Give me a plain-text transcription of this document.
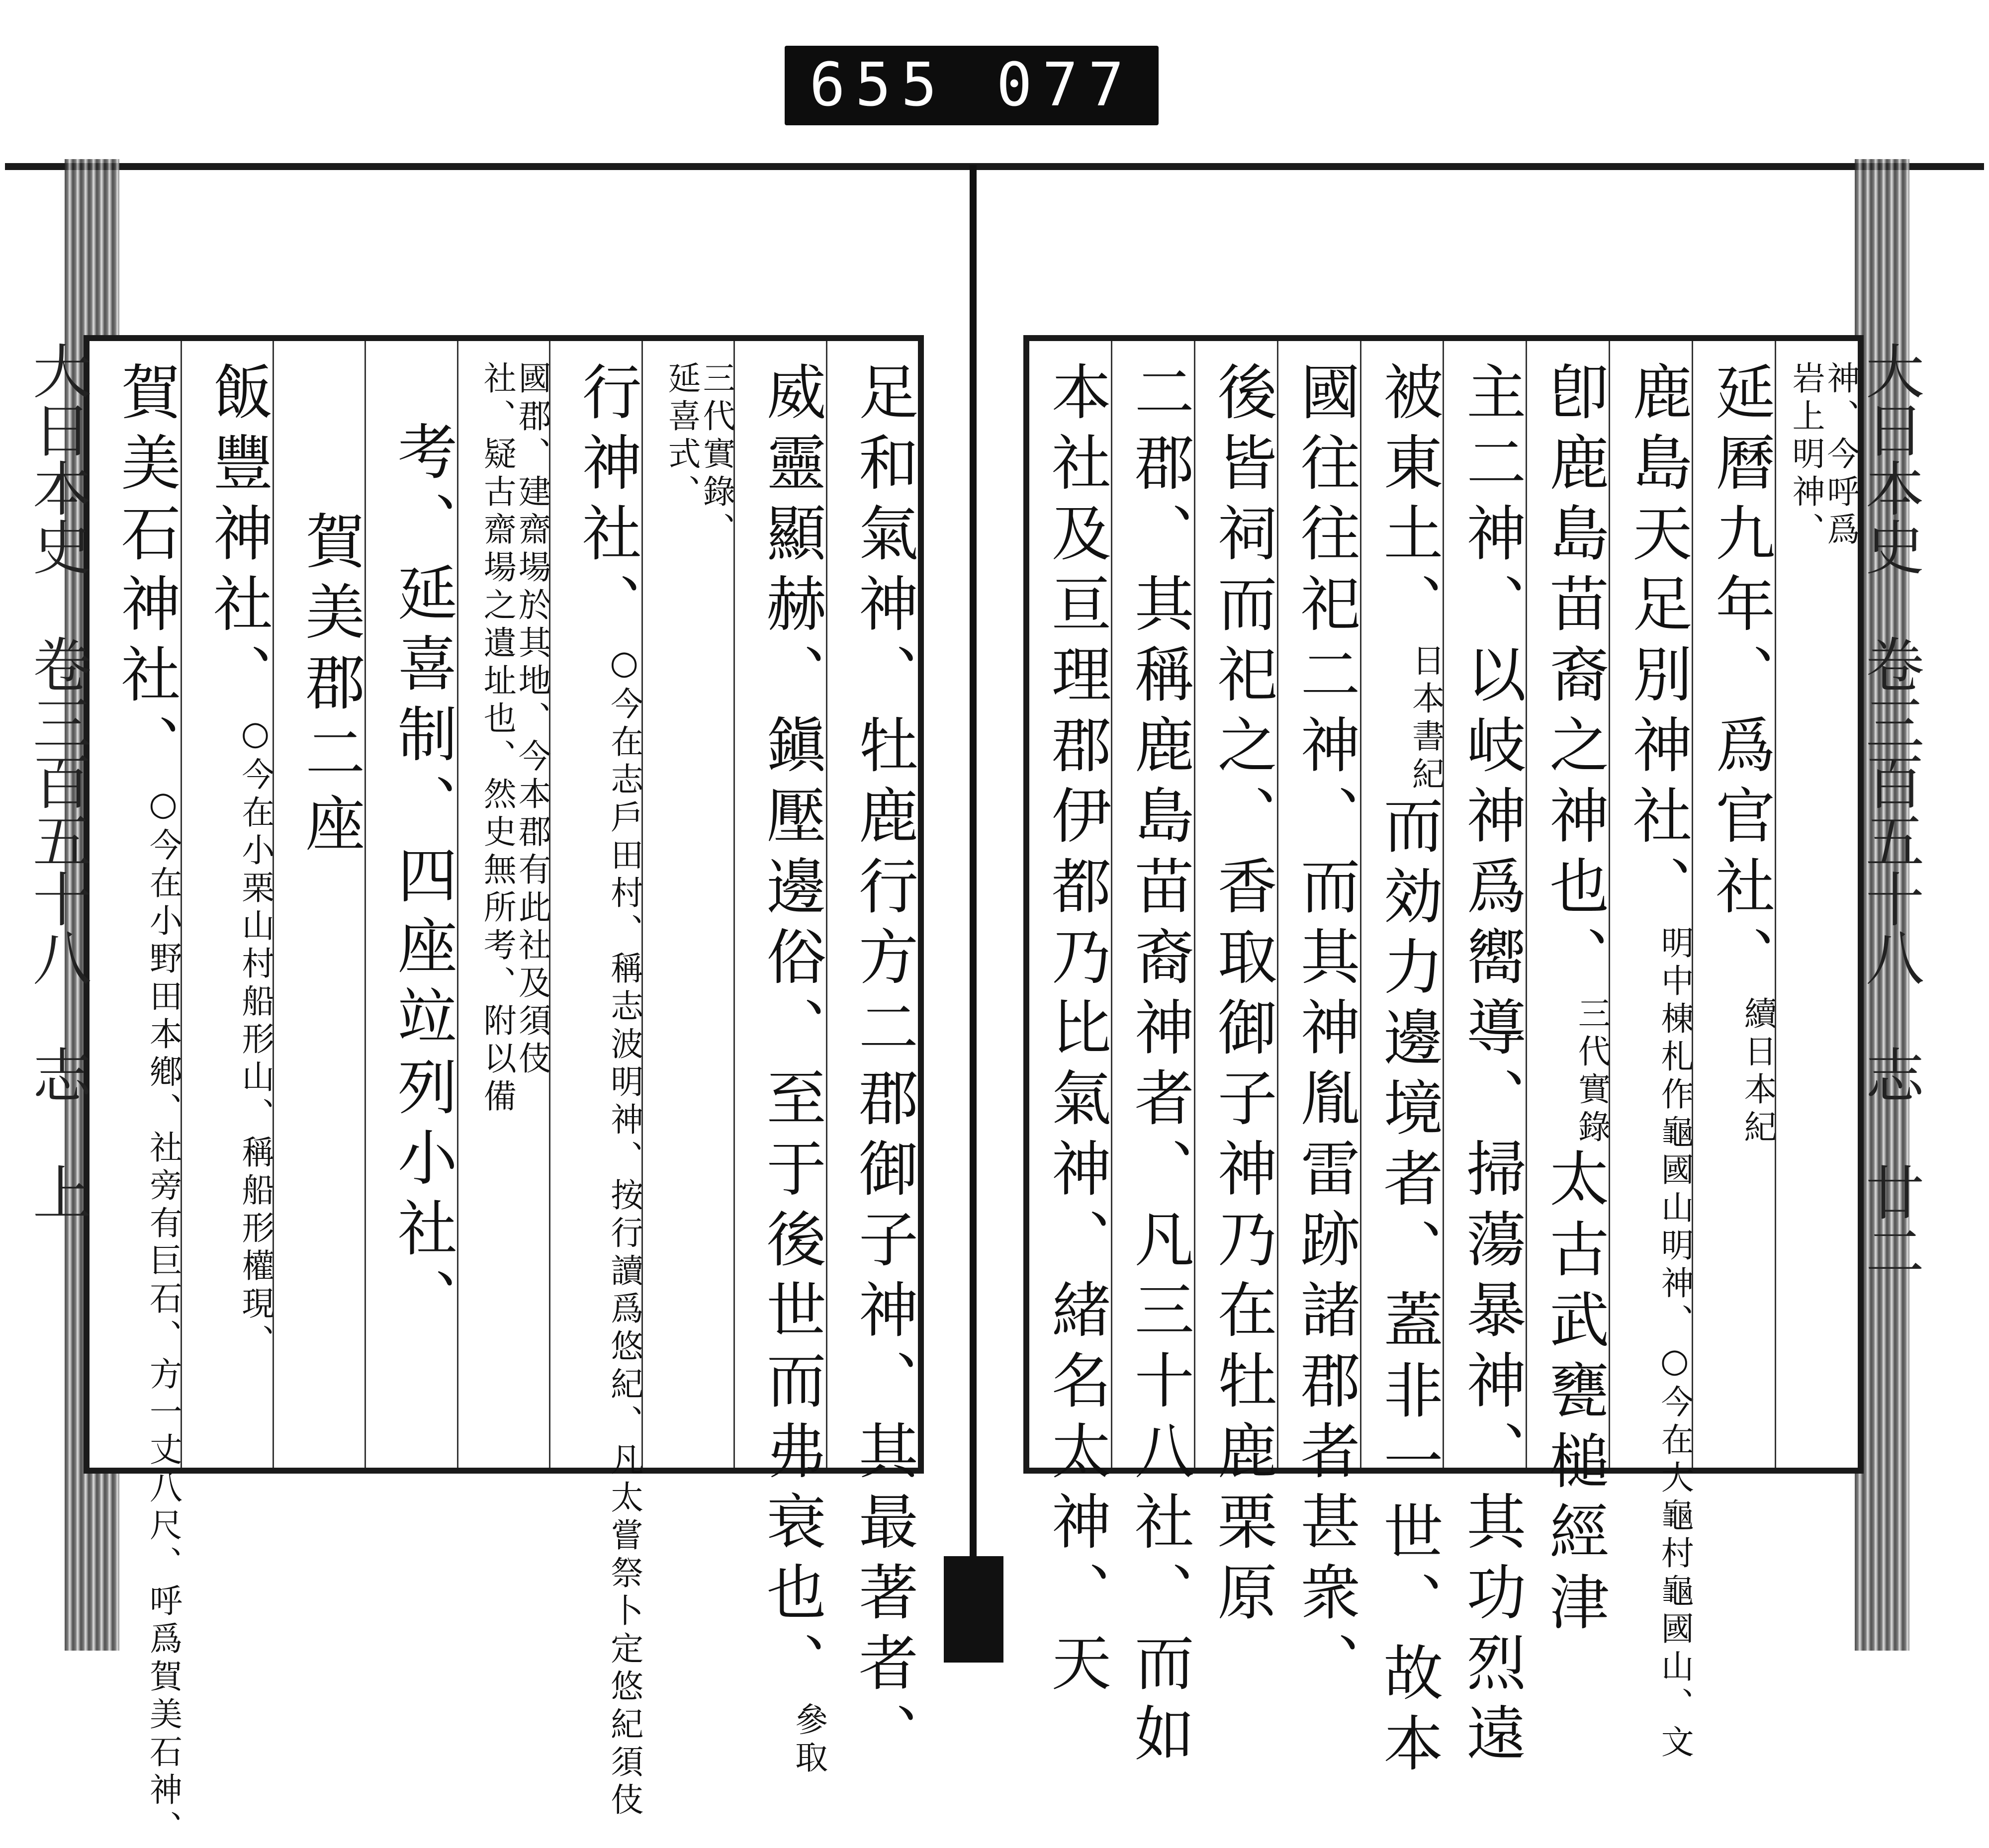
655 077
大日本史　卷三百五十八　志　廿二
神、今呼爲
岩上明神、
延曆九年、爲官社、
續日本紀
鹿島天足別神社、
明中棟札作龜國山明神、○今在大龜村龜國山、文
卽鹿島苗裔之神也、
三代實錄
太古武甕槌經津
主二神、以岐神爲嚮導、掃蕩暴神、其功烈遠
被東土、
日本書紀
而効力邊境者、蓋非一世、故本
國往往祀二神、而其神胤雷跡諸郡者甚衆、
後皆祠而祀之、香取御子神乃在牡鹿栗原
二郡、其稱鹿島苗裔神者、凡三十八社、而如
本社及亘理郡伊都乃比氣神、緒名太神、天
大日本史　卷三百五十八　志　上	足和氣神、牡鹿行方二郡御子神、其最著者、
威靈顯赫、鎭壓邊俗、至于後世而弗衰也、
參取
三代實錄、
延喜式、
行神社、
○今在志戶田村、稱志波明神、按行讀爲悠紀、凡太嘗祭卜定悠紀須伎
國郡、建齋場於其地、今本郡有此社及須伎
社、疑古齋場之遺址也、然史無所考、附以備
考、延喜制、四座竝列小社、
賀美郡二座
飯豐神社、
○今在小栗山村船形山、稱船形權現、
賀美石神社、
○今在小野田本鄕、社旁有巨石、方一丈八尺、呼爲賀美石神、
